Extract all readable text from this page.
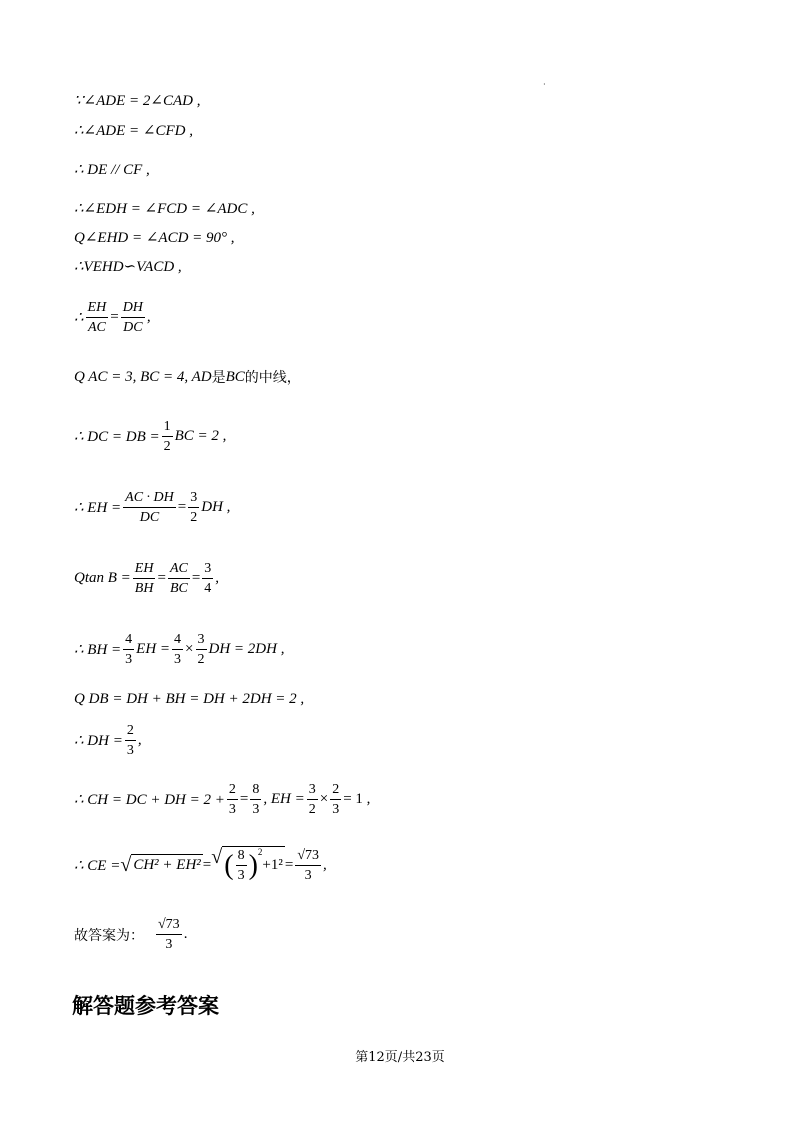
·
∵∠ADE = 2∠CAD ,
∴∠ADE = ∠CFD ,
∴ DE // CF ,
∴∠EDH = ∠FCD = ∠ADC ,
Q∠EHD = ∠ACD = 90° ,
∴VEHD∽VACD ,
∴ $\frac{EH}{AC} = \frac{DH}{DC}$ ,
Q AC = 3, BC = 4, AD 是 BC 的中线，
∴ DC = DB = $\frac{1}{2}$ BC = 2 ,
∴ EH = $\frac{AC \cdot DH}{DC} = \frac{3}{2}$ DH ,
Qtan $B = \frac{EH}{BH} = \frac{AC}{BC} = \frac{3}{4}$ ,
∴ BH = $\frac{4}{3}$ EH = $\frac{4}{3} \times \frac{3}{2}$ DH = 2DH ,
Q DB = DH + BH = DH + 2DH = 2 ,
∴ DH = $\frac{2}{3}$ ,
∴ CH = DC + DH = $2 + \frac{2}{3} = \frac{8}{3}$ , EH = $\frac{3}{2} \times \frac{2}{3} = 1$ ,
∴ CE = √ CH² + EH² = √ ( $\frac{8}{3} )^2$
$+1^2 = \frac{√73}{3}$ ,
故答案为： $\frac{√73}{3}$ .
解答题参考答案
第12页/共23页
